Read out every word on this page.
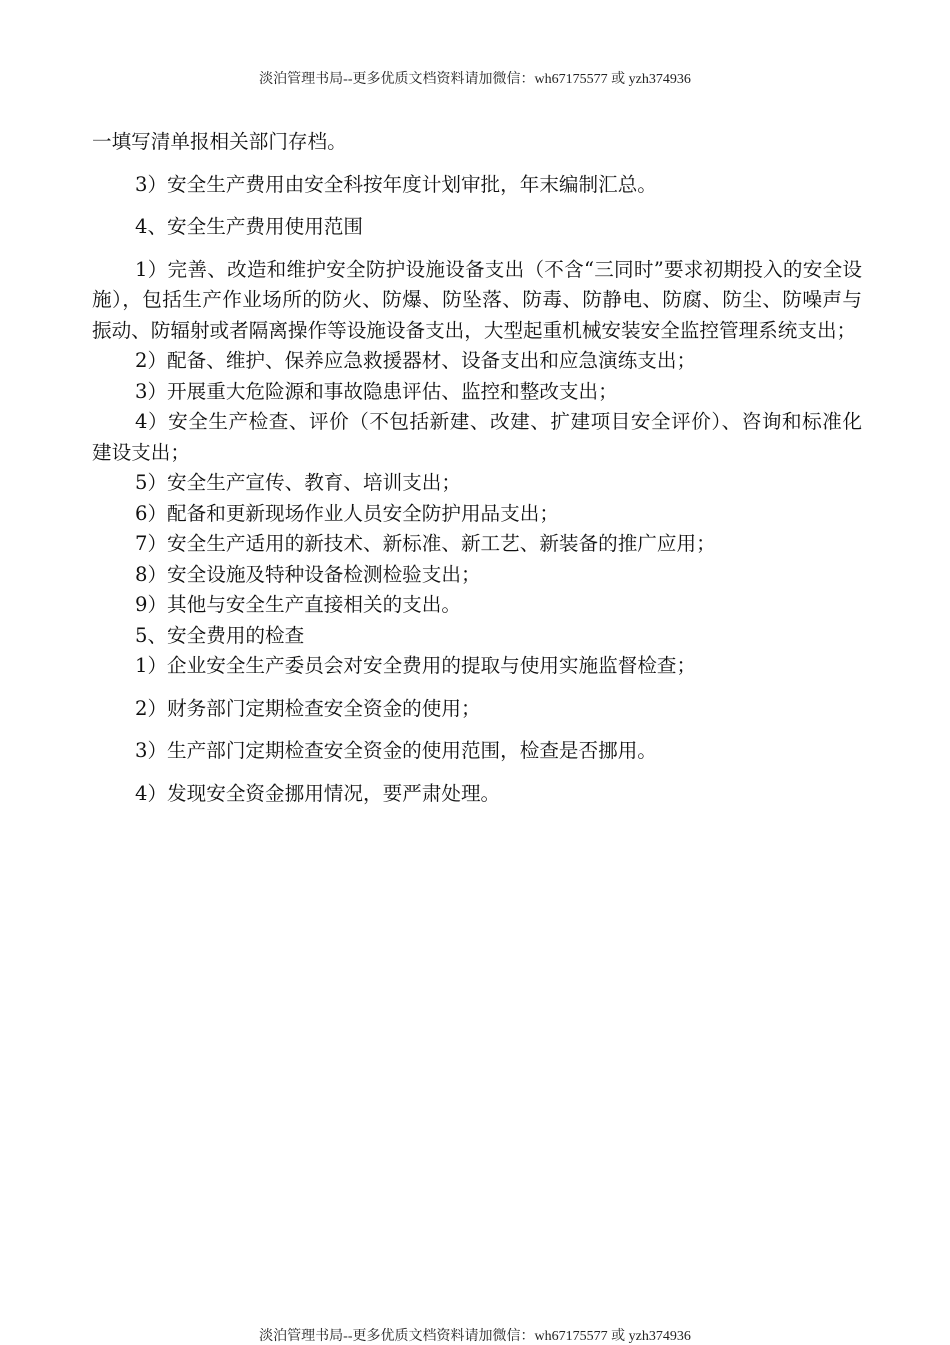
淡泊管理书局--更多优质文档资料请加微信：wh67175577 或 yzh374936

一填写清单报相关部门存档。

3）安全生产费用由安全科按年度计划审批，年末编制汇总。

4、安全生产费用使用范围

1）完善、改造和维护安全防护设施设备支出（不含“三同时”要求初期投入的安全设施），包括生产作业场所的防火、防爆、防坠落、防毒、防静电、防腐、防尘、防噪声与振动、防辐射或者隔离操作等设施设备支出，大型起重机械安装安全监控管理系统支出；

2）配备、维护、保养应急救援器材、设备支出和应急演练支出；

3）开展重大危险源和事故隐患评估、监控和整改支出；

4）安全生产检查、评价（不包括新建、改建、扩建项目安全评价）、咨询和标准化建设支出；

5）安全生产宣传、教育、培训支出；

6）配备和更新现场作业人员安全防护用品支出；

7）安全生产适用的新技术、新标准、新工艺、新装备的推广应用；

8）安全设施及特种设备检测检验支出；

9）其他与安全生产直接相关的支出。

5、安全费用的检查

1）企业安全生产委员会对安全费用的提取与使用实施监督检查；

2）财务部门定期检查安全资金的使用；

3）生产部门定期检查安全资金的使用范围，检查是否挪用。

4）发现安全资金挪用情况，要严肃处理。

淡泊管理书局--更多优质文档资料请加微信：wh67175577 或 yzh374936
